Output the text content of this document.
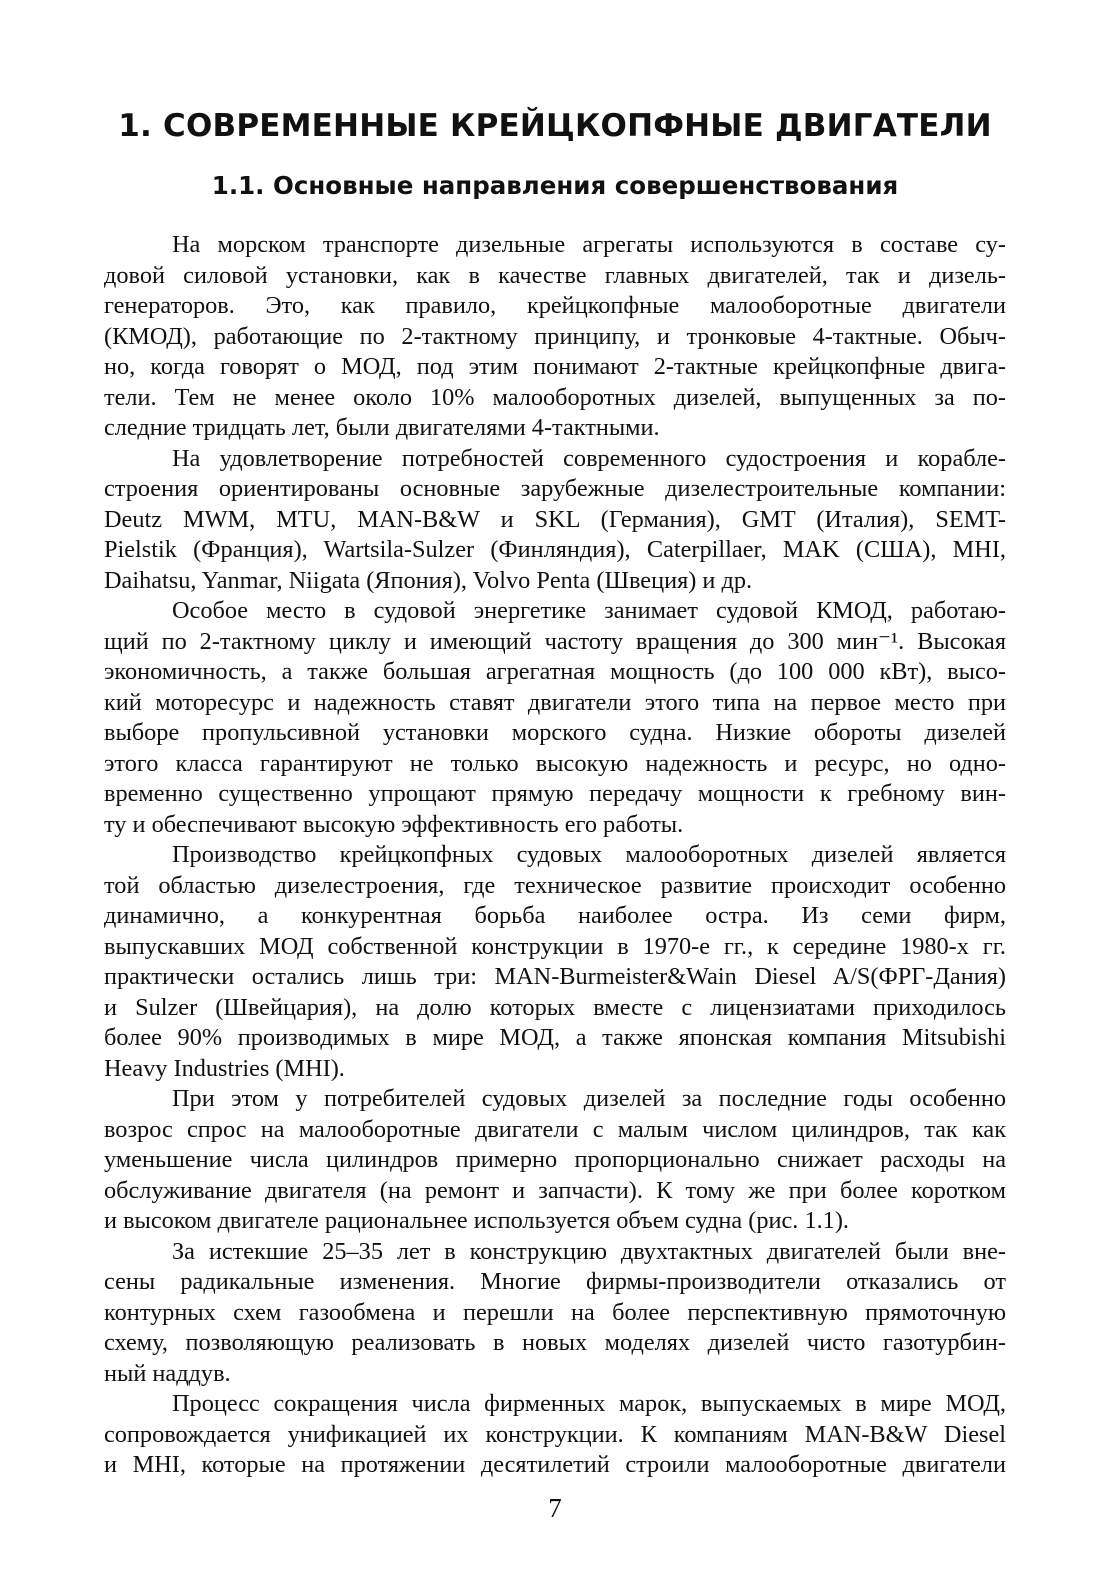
1. СОВРЕМЕННЫЕ КРЕЙЦКОПФНЫЕ ДВИГАТЕЛИ
1.1. Основные направления совершенствования
На морском транспорте дизельные агрегаты используются в составе су-
довой силовой установки, как в качестве главных двигателей, так и дизель-
генераторов. Это, как правило, крейцкопфные малооборотные двигатели
(КМОД), работающие по 2-тактному принципу, и тронковые 4-тактные. Обыч-
но, когда говорят о МОД, под этим понимают 2-тактные крейцкопфные двига-
тели. Тем не менее около 10% малооборотных дизелей, выпущенных за по-
следние тридцать лет, были двигателями 4-тактными.
На удовлетворение потребностей современного судостроения и корабле-
строения ориентированы основные зарубежные дизелестроительные компании:
Deutz MWM, MTU, MAN-B&W и SKL (Германия), GMT (Италия), SEMT-
Pielstik (Франция), Wartsila-Sulzer (Финляндия), Caterpillaer, MAK (США), MHI,
Daihatsu, Yanmar, Niigata (Япония), Volvo Penta (Швеция) и др.
Особое место в судовой энергетике занимает судовой КМОД, работаю-
щий по 2-тактному циклу и имеющий частоту вращения до 300 мин⁻¹. Высокая
экономичность, а также большая агрегатная мощность (до 100 000 кВт), высо-
кий моторесурс и надежность ставят двигатели этого типа на первое место при
выборе пропульсивной установки морского судна. Низкие обороты дизелей
этого класса гарантируют не только высокую надежность и ресурс, но одно-
временно существенно упрощают прямую передачу мощности к гребному вин-
ту и обеспечивают высокую эффективность его работы.
Производство крейцкопфных судовых малооборотных дизелей является
той областью дизелестроения, где техническое развитие происходит особенно
динамично, а конкурентная борьба наиболее остра. Из семи фирм,
выпускавших МОД собственной конструкции в 1970-е гг., к середине 1980-х гг.
практически остались лишь три: MAN-Burmeister&Wain Diesel A/S(ФРГ-Дания)
и Sulzer (Швейцария), на долю которых вместе с лицензиатами приходилось
более 90% производимых в мире МОД, а также японская компания Mitsubishi
Heavy Industries (MHI).
При этом у потребителей судовых дизелей за последние годы особенно
возрос спрос на малооборотные двигатели с малым числом цилиндров, так как
уменьшение числа цилиндров примерно пропорционально снижает расходы на
обслуживание двигателя (на ремонт и запчасти). К тому же при более коротком
и высоком двигателе рациональнее используется объем судна (рис. 1.1).
За истекшие 25–35 лет в конструкцию двухтактных двигателей были вне-
сены радикальные изменения. Многие фирмы-производители отказались от
контурных схем газообмена и перешли на более перспективную прямоточную
схему, позволяющую реализовать в новых моделях дизелей чисто газотурбин-
ный наддув.
Процесс сокращения числа фирменных марок, выпускаемых в мире МОД,
сопровождается унификацией их конструкции. К компаниям MAN-B&W Diesel
и MHI, которые на протяжении десятилетий строили малооборотные двигатели
7
